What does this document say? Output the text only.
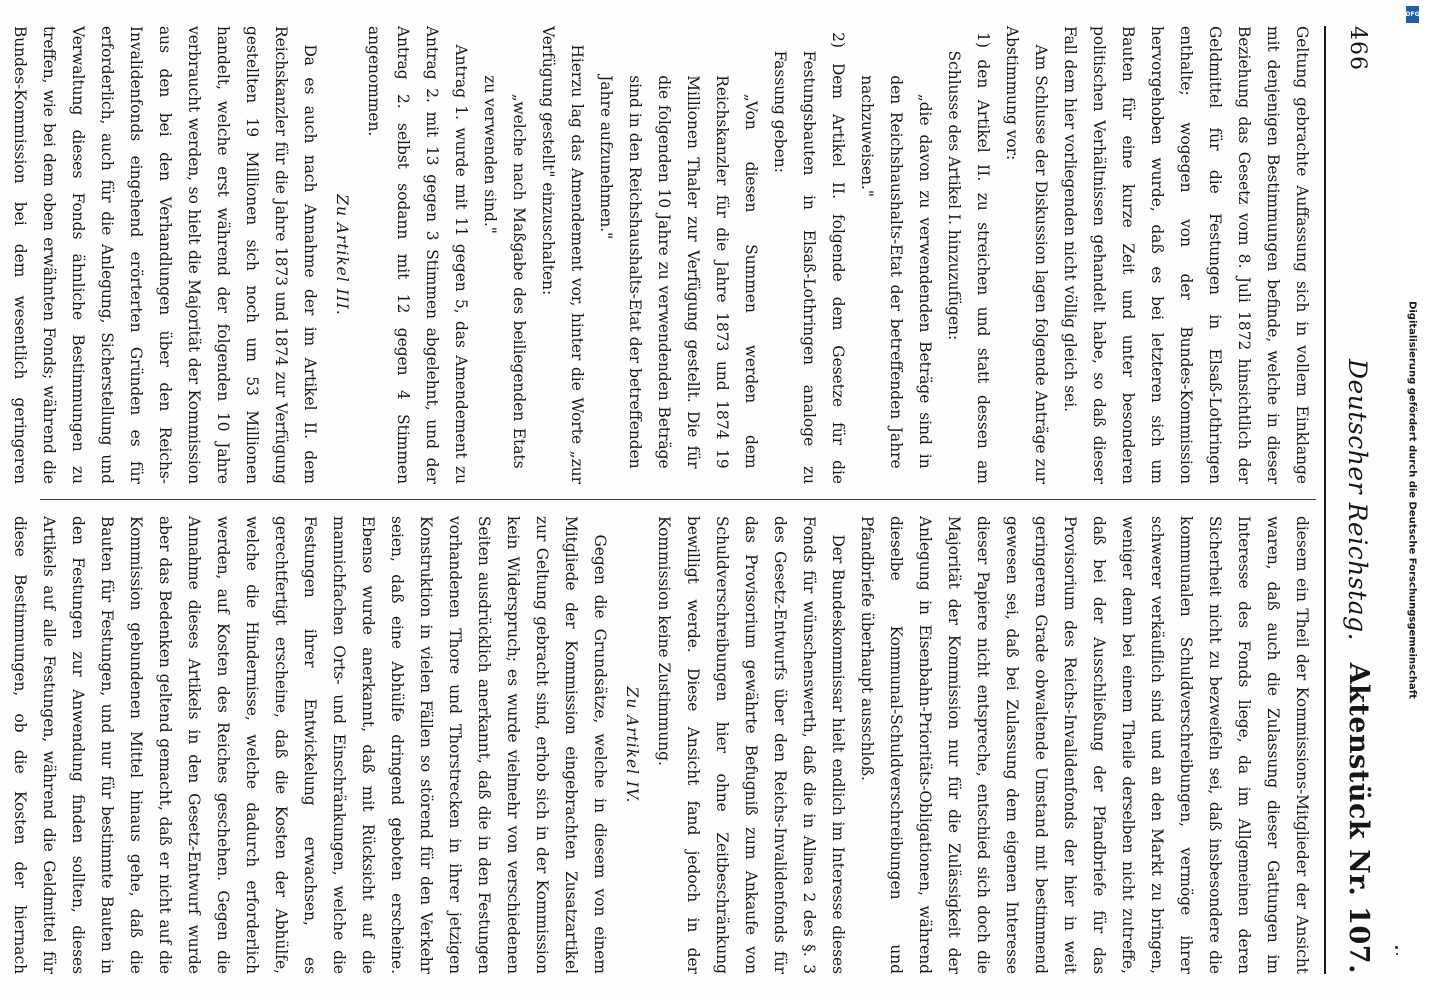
466
Deutscher Reichstag.
Aktenstück Nr. 107.

Geltung gebrachte Auffassung sich in vollem Einklange mit denjenigen Bestimmungen befinde, welche in dieser Beziehung das Gesetz vom 8. Juli 1872 hinsichtlich der Geldmittel für die Festungen in Elsaß-Lothringen enthalte; wogegen von der Bundes-Kommission hervorgehoben wurde, daß es bei letzteren sich um Bauten für eine kurze Zeit und unter besonderen politischen Verhältnissen gehandelt habe, so daß dieser Fall dem hier vorliegenden nicht völlig gleich sei.

Am Schlusse der Diskussion lagen folgende Anträge zur Abstimmung vor:

1) den Artikel II. zu streichen und statt dessen am Schlusse des Artikel I. hinzuzufügen:

„die davon zu verwendenden Beträge sind in den Reichshaushalts-Etat der betreffenden Jahre nachzuweisen."

2) Dem Artikel II. folgende dem Gesetze für die Festungsbauten in Elsaß-Lothringen analoge zu Fassung geben:

„Von diesen Summen werden dem Reichskanzler für die Jahre 1873 und 1874 19 Millionen Thaler zur Verfügung gestellt. Die für die folgenden 10 Jahre zu verwendenden Beträge sind in den Reichshaushalts-Etat der betreffenden Jahre aufzunehmen."

Hierzu lag das Amendement vor, hinter die Worte „zur Verfügung gestellt" einzuschalten:

„welche nach Maßgabe des beiliegenden Etats zu verwenden sind."

Antrag 1. wurde mit 11 gegen 5, das Amendement zu Antrag 2. mit 13 gegen 3 Stimmen abgelehnt, und der Antrag 2. selbst sodann mit 12 gegen 4 Stimmen angenommen.

Zu Artikel III.

Da es auch nach Annahme der im Artikel II. dem Reichskanzler für die Jahre 1873 und 1874 zur Verfügung gestellten 19 Millionen sich noch um 53 Millionen handelt, welche erst während der folgenden 10 Jahre verbraucht werden, so hielt die Majorität der Kommission aus den bei den Verhandlungen über den Reichs-Invalidenfonds eingehend erörterten Gründen es für erforderlich, auch für die Anlegung, Sicherstellung und Verwaltung dieses Fonds ähnliche Bestimmungen zu treffen, wie bei dem oben erwähnten Fonds; während die Bundes-Kommission bei dem wesentlich geringeren

diesem ein Theil der Kommissions-Mitglieder der Ansicht waren, daß auch die Zulassung dieser Gattungen im Interesse des Fonds liege, da im Allgemeinen deren Sicherheit nicht zu bezweifeln sei, daß insbesondere die kommunalen Schuldverschreibungen, vermöge ihrer schwerer verkäuflich sind und an den Markt zu bringen, weniger denn bei einem Theile derselben nicht zutreffe, daß bei der Ausschließung der Pfandbriefe für das Provisorium des Reichs-Invalidenfonds der hier in weit geringerem Grade obwaltende Umstand mit bestimmend gewesen sei, daß bei Zulassung dem eigenen Interesse dieser Papiere nicht entspreche, entschied sich doch die Majorität der Kommission nur für die Zulässigkeit der Anlegung in Eisenbahn-Prioritäts-Obligationen, während dieselbe Kommunal-Schuldverschreibungen und Pfandbriefe überhaupt ausschloß.

Der Bundeskommissar hielt endlich im Interesse dieses Fonds für wünschenswerth, daß die in Alinea 2 des §. 3 des Gesetz-Entwurfs über den Reichs-Invalidenfonds für das Provisorium gewährte Befugniß zum Ankaufe von Schuldverschreibungen hier ohne Zeitbeschränkung bewilligt werde. Diese Ansicht fand jedoch in der Kommission keine Zustimmung.

Zu Artikel IV.

Gegen die Grundsätze, welche in diesem von einem Mitgliede der Kommission eingebrachten Zusatzartikel zur Geltung gebracht sind, erhob sich in der Kommission kein Widerspruch; es wurde vielmehr von verschiedenen Seiten ausdrücklich anerkannt, daß die in den Festungen vorhandenen Thore und Thorstrecken in ihrer jetzigen Konstruktion in vielen Fällen so störend für den Verkehr seien, daß eine Abhülfe dringend geboten erscheine. Ebenso wurde anerkannt, daß mit Rücksicht auf die mannichfachen Orts- und Einschränkungen, welche die Festungen ihrer Entwickelung erwachsen, es gerechtfertigt erscheine, daß die Kosten der Abhülfe, welche die Hindernisse, welche dadurch erforderlich werden, auf Kosten des Reiches geschehen. Gegen die Annahme dieses Artikels in den Gesetz-Entwurf wurde aber das Bedenken geltend gemacht, daß er nicht auf die Kommission gebundenen Mittel hinaus gehe, daß die Bauten für Festungen, und nur für bestimmte Bauten in den Festungen zur Anwendung finden sollten, dieses Artikels auf alle Festungen, während die Geldmittel für diese Bestimmungen, ob die Kosten der hiernach

DFG
Digitalisierung gefördert durch die Deutsche Forschungsgemeinschaft
